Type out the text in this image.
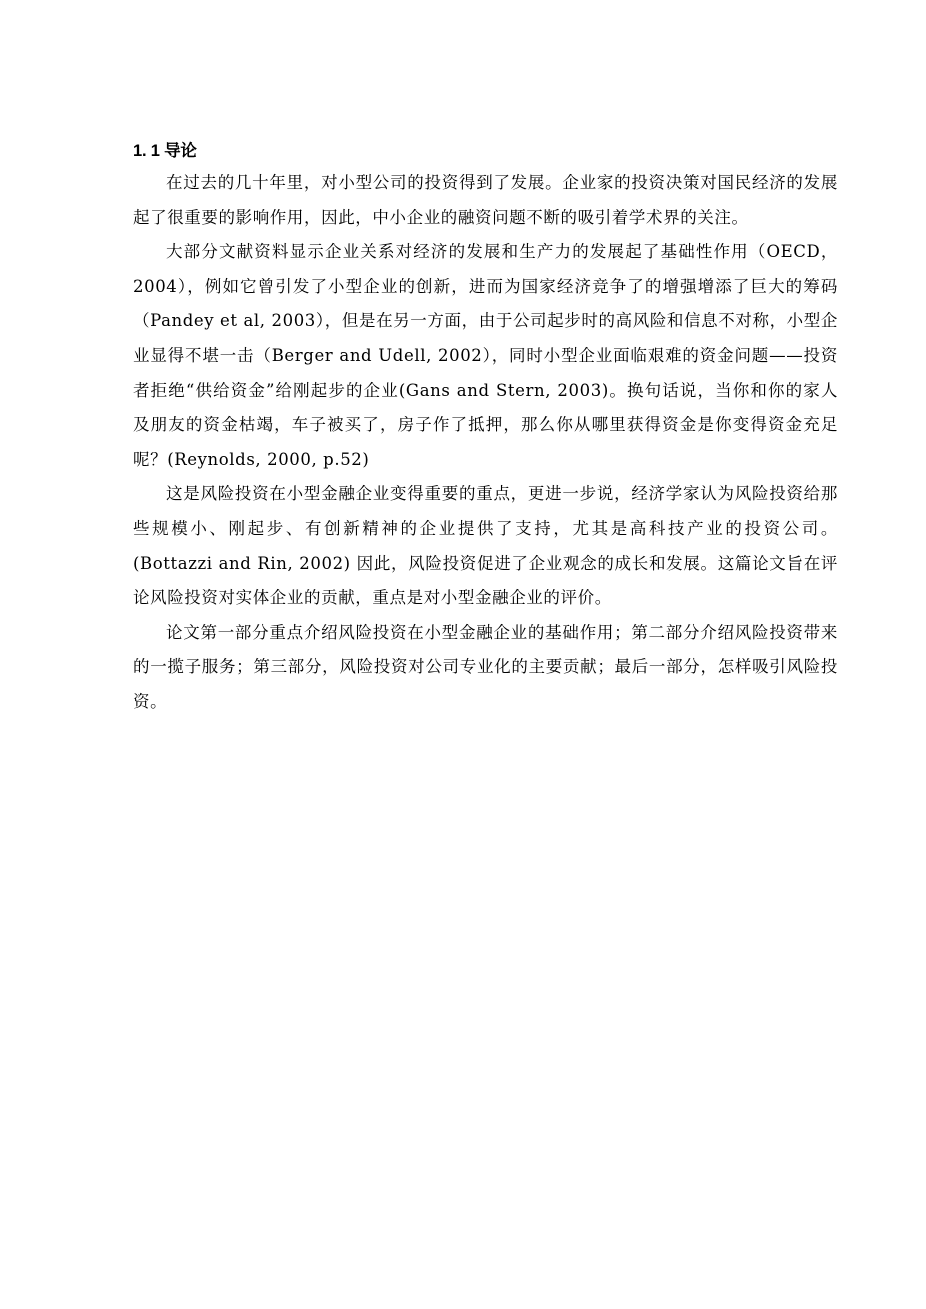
1. 1 导论

在过去的几十年里，对小型公司的投资得到了发展。企业家的投资决策对国民经济的发展起了很重要的影响作用，因此，中小企业的融资问题不断的吸引着学术界的关注。

大部分文献资料显示企业关系对经济的发展和生产力的发展起了基础性作用（OECD，2004），例如它曾引发了小型企业的创新，进而为国家经济竞争了的增强增添了巨大的筹码（Pandey et al, 2003），但是在另一方面，由于公司起步时的高风险和信息不对称，小型企业显得不堪一击（Berger and Udell, 2002），同时小型企业面临艰难的资金问题——投资者拒绝“供给资金”给刚起步的企业(Gans and Stern, 2003)。换句话说，当你和你的家人及朋友的资金枯竭，车子被买了，房子作了抵押，那么你从哪里获得资金是你变得资金充足呢？(Reynolds, 2000, p.52)

这是风险投资在小型金融企业变得重要的重点，更进一步说，经济学家认为风险投资给那些规模小、刚起步、有创新精神的企业提供了支持，尤其是高科技产业的投资公司。(Bottazzi and Rin, 2002) 因此，风险投资促进了企业观念的成长和发展。这篇论文旨在评论风险投资对实体企业的贡献，重点是对小型金融企业的评价。

论文第一部分重点介绍风险投资在小型金融企业的基础作用；第二部分介绍风险投资带来的一揽子服务；第三部分，风险投资对公司专业化的主要贡献；最后一部分，怎样吸引风险投资。
